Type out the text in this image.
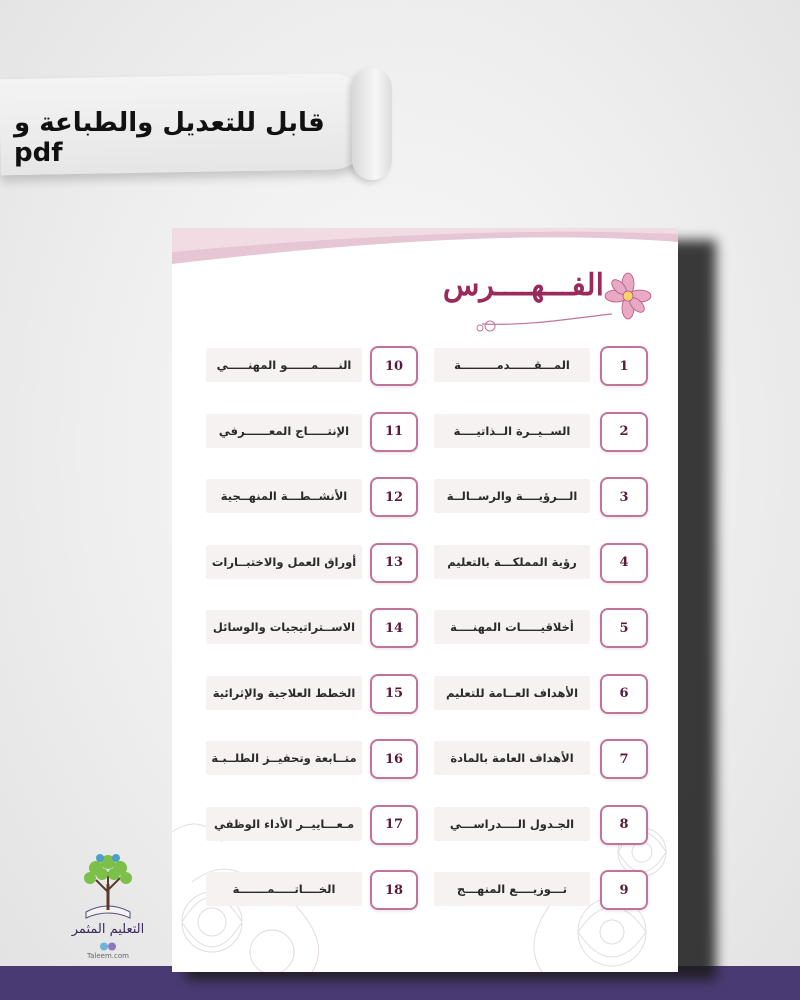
قابل للتعديل والطباعة و pdf
الفـــهــــرس
النـــــمــــــو المهنـــــي	10
الإنتـــــاج المعــــــرفي	11
الأنشــطـــة المنهــجية	12
أوراق العمل والاختبــارات	13
الاســتراتيجيات والوسائل	14
الخطط العلاجية والإثرائية	15
متــابعة وتحفيــز الطلــبـة	16
مـعـــاييــر الأداء الوظفي	17
الخــــاتـــــمـــــــة	18
المـــقــــــدمـــــــــة	1
الســيــرة الــذاتيــــة	2
الـــرؤيــــة والرســالــة	3
رؤية المملكـــة بالتعليم	4
أخلاقيـــــات المهنــــة	5
الأهداف العــامة للتعليم	6
الأهداف العامة بالمادة	7
الجـدول الــــدراســـي	8
تـــوزيــــع المنهـــج	9
التعليم المثمر
Taleem.com
